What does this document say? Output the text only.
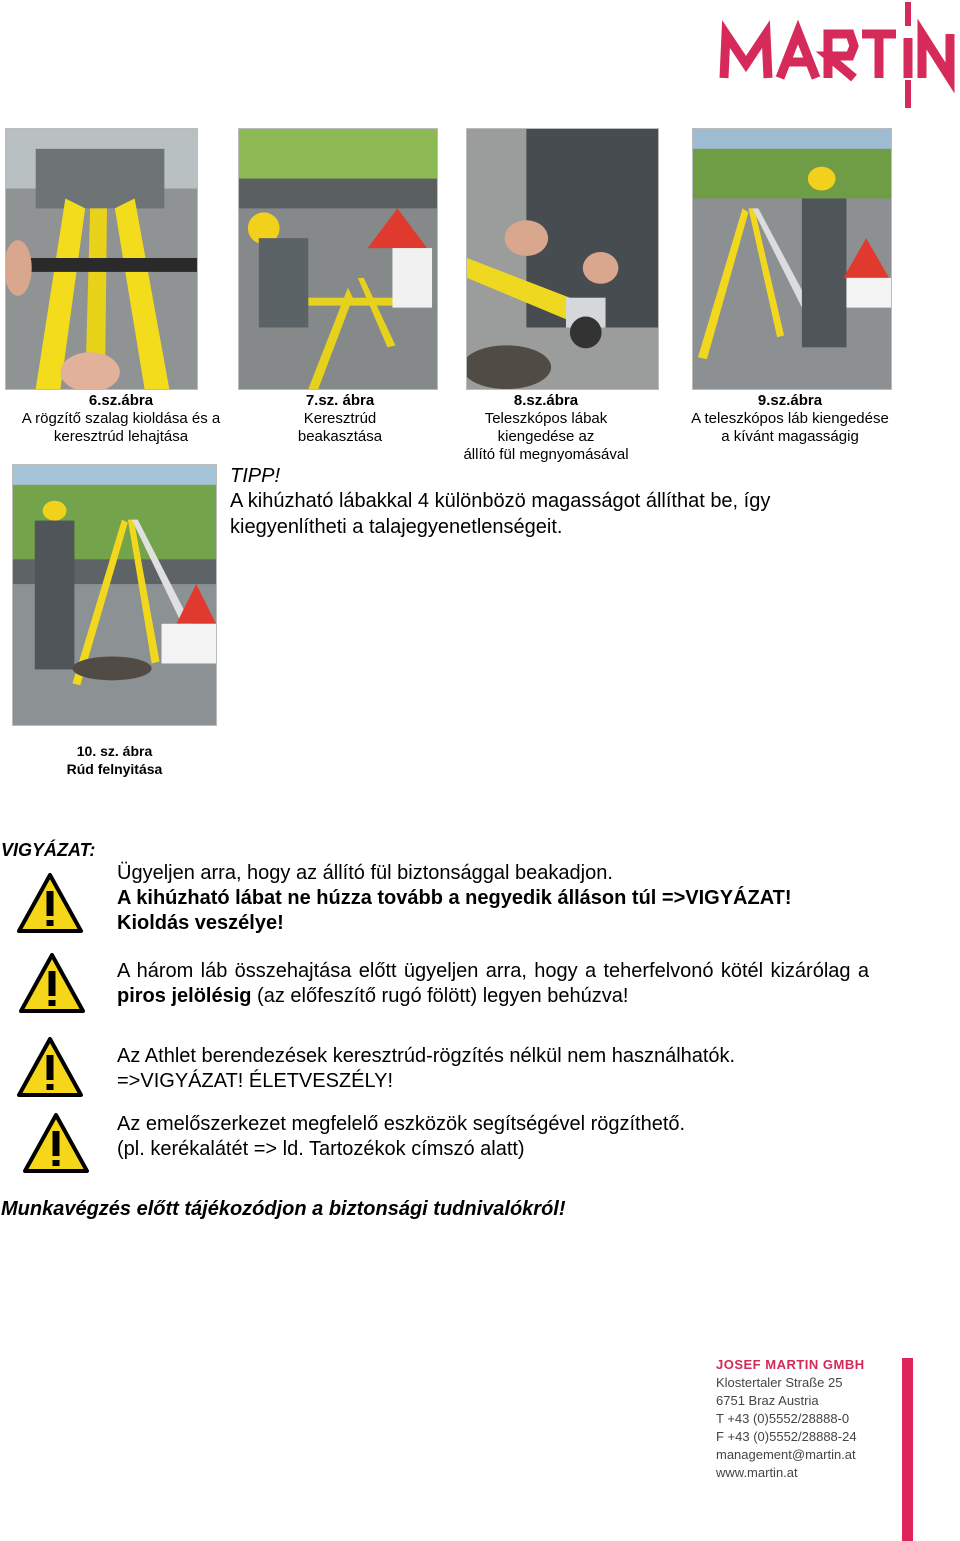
6.sz.ábra
A rögzítő szalag kioldása és a
keresztrúd lehajtása
7.sz. ábra
Keresztrúd
beakasztása
8.sz.ábra
Teleszkópos lábak
kiengedése az
állító fül megnyomásával
9.sz.ábra
A teleszkópos láb kiengedése
a kívánt magasságig
TIPP!
A kihúzható lábakkal 4 különbözö magasságot állíthat be, így kiegyenlítheti a talajegyenetlenségeit.
10. sz. ábra
Rúd felnyitása
VIGYÁZAT:
Ügyeljen arra, hogy az állító fül biztonsággal beakadjon.
A kihúzható lábat ne húzza tovább a negyedik álláson túl =>VIGYÁZAT!
Kioldás veszélye!
A három láb összehajtása előtt ügyeljen arra, hogy a teherfelvonó kötél kizárólag a piros jelölésig (az előfeszítő rugó fölött) legyen behúzva!
Az Athlet berendezések keresztrúd-rögzítés nélkül nem használhatók.
=>VIGYÁZAT! ÉLETVESZÉLY!
Az emelőszerkezet megfelelő eszközök segítségével rögzíthető.
(pl. kerékalátét => ld. Tartozékok címszó alatt)
Munkavégzés előtt tájékozódjon a biztonsági tudnivalókról!
JOSEF MARTIN GMBH
Klostertaler Straße 25
6751 Braz Austria
T +43 (0)5552/28888-0
F +43 (0)5552/28888-24
management@martin.at
www.martin.at
